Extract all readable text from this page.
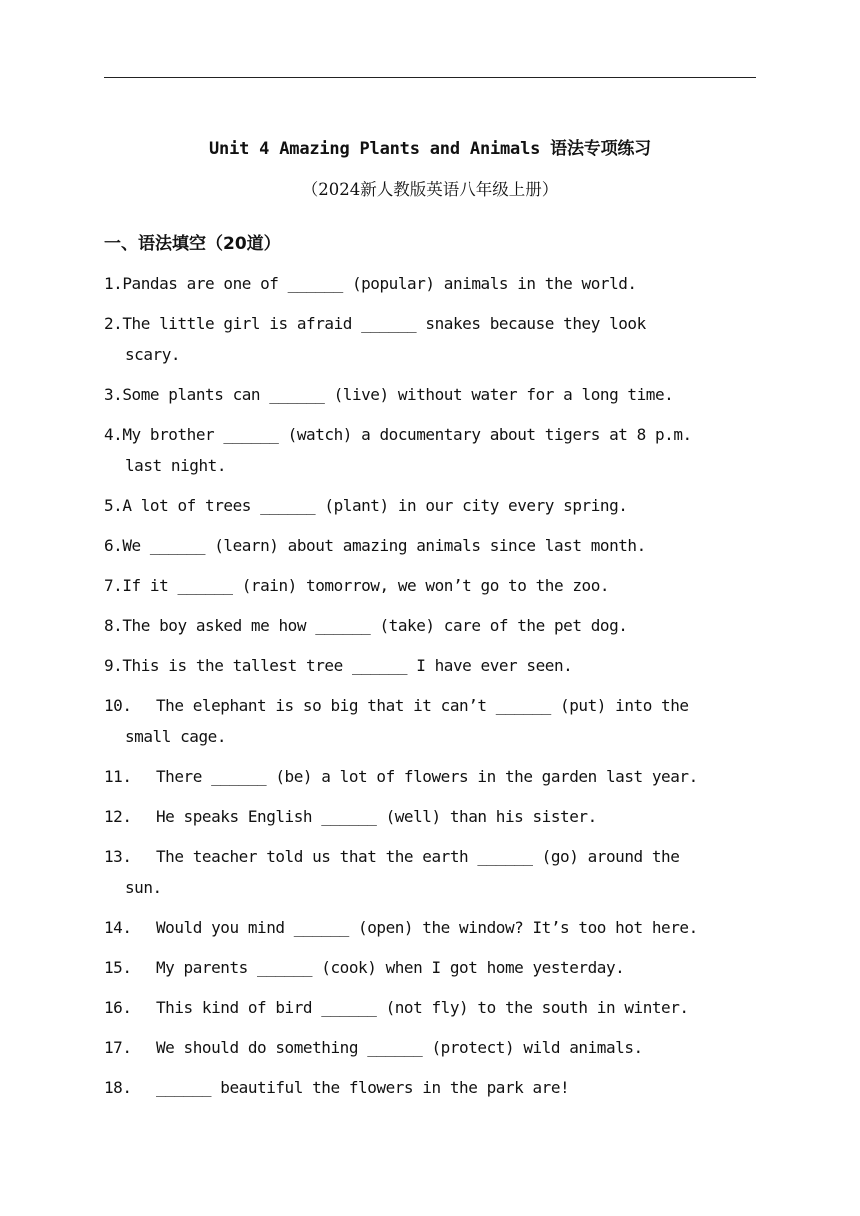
Unit 4 Amazing Plants and Animals 语法专项练习
（2024新人教版英语八年级上册）
一、语法填空（20道）
1. Pandas are one of ______ (popular) animals in the world.
2. The little girl is afraid ______ snakes because they look
scary.
3. Some plants can ______ (live) without water for a long time.
4. My brother ______ (watch) a documentary about tigers at 8 p.m.
last night.
5. A lot of trees ______ (plant) in our city every spring.
6. We ______ (learn) about amazing animals since last month.
7. If it ______ (rain) tomorrow, we won’t go to the zoo.
8. The boy asked me how ______ (take) care of the pet dog.
9. This is the tallest tree ______ I have ever seen.
10.	The elephant is so big that it can’t ______ (put) into the
small cage.
11.	There ______ (be) a lot of flowers in the garden last year.
12.	He speaks English ______ (well) than his sister.
13.	The teacher told us that the earth ______ (go) around the
sun.
14.	Would you mind ______ (open) the window? It’s too hot here.
15.	My parents ______ (cook) when I got home yesterday.
16.	This kind of bird ______ (not fly) to the south in winter.
17.	We should do something ______ (protect) wild animals.
18.	______ beautiful the flowers in the park are!
